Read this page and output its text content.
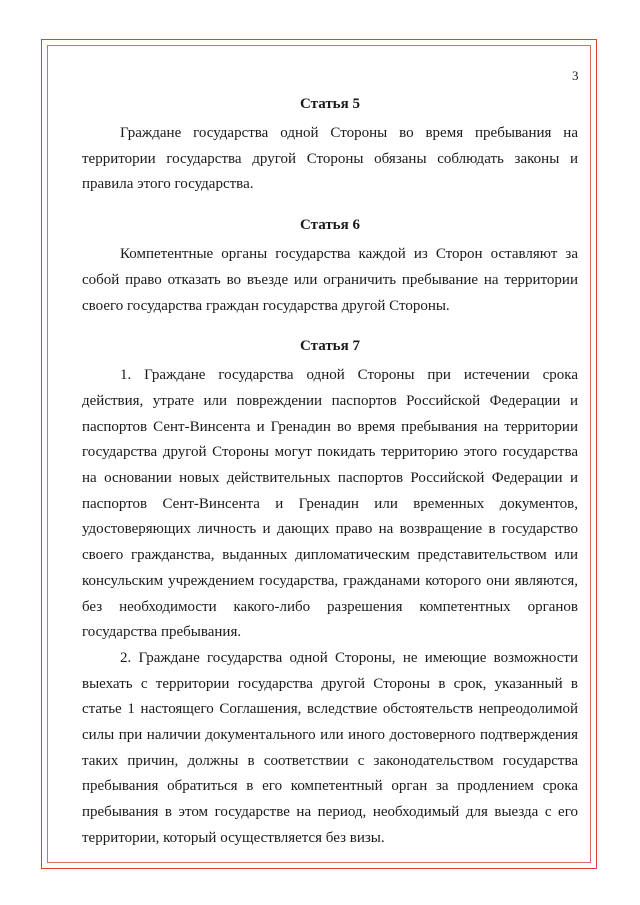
3
Статья 5

Граждане государства одной Стороны во время пребывания на территории государства другой Стороны обязаны соблюдать законы и правила этого государства.

Статья 6

Компетентные органы государства каждой из Сторон оставляют за собой право отказать во въезде или ограничить пребывание на территории своего государства граждан государства другой Стороны.

Статья 7

1. Граждане государства одной Стороны при истечении срока действия, утрате или повреждении паспортов Российской Федерации и паспортов Сент-Винсента и Гренадин во время пребывания на территории государства другой Стороны могут покидать территорию этого государства на основании новых действительных паспортов Российской Федерации и паспортов Сент-Винсента и Гренадин или временных документов, удостоверяющих личность и дающих право на возвращение в государство своего гражданства, выданных дипломатическим представительством или консульским учреждением государства, гражданами которого они являются, без необходимости какого-либо разрешения компетентных органов государства пребывания.

2. Граждане государства одной Стороны, не имеющие возможности выехать с территории государства другой Стороны в срок, указанный в статье 1 настоящего Соглашения, вследствие обстоятельств непреодолимой силы при наличии документального или иного достоверного подтверждения таких причин, должны в соответствии с законодательством государства пребывания обратиться в его компетентный орган за продлением срока пребывания в этом государстве на период, необходимый для выезда с его территории, который осуществляется без визы.
